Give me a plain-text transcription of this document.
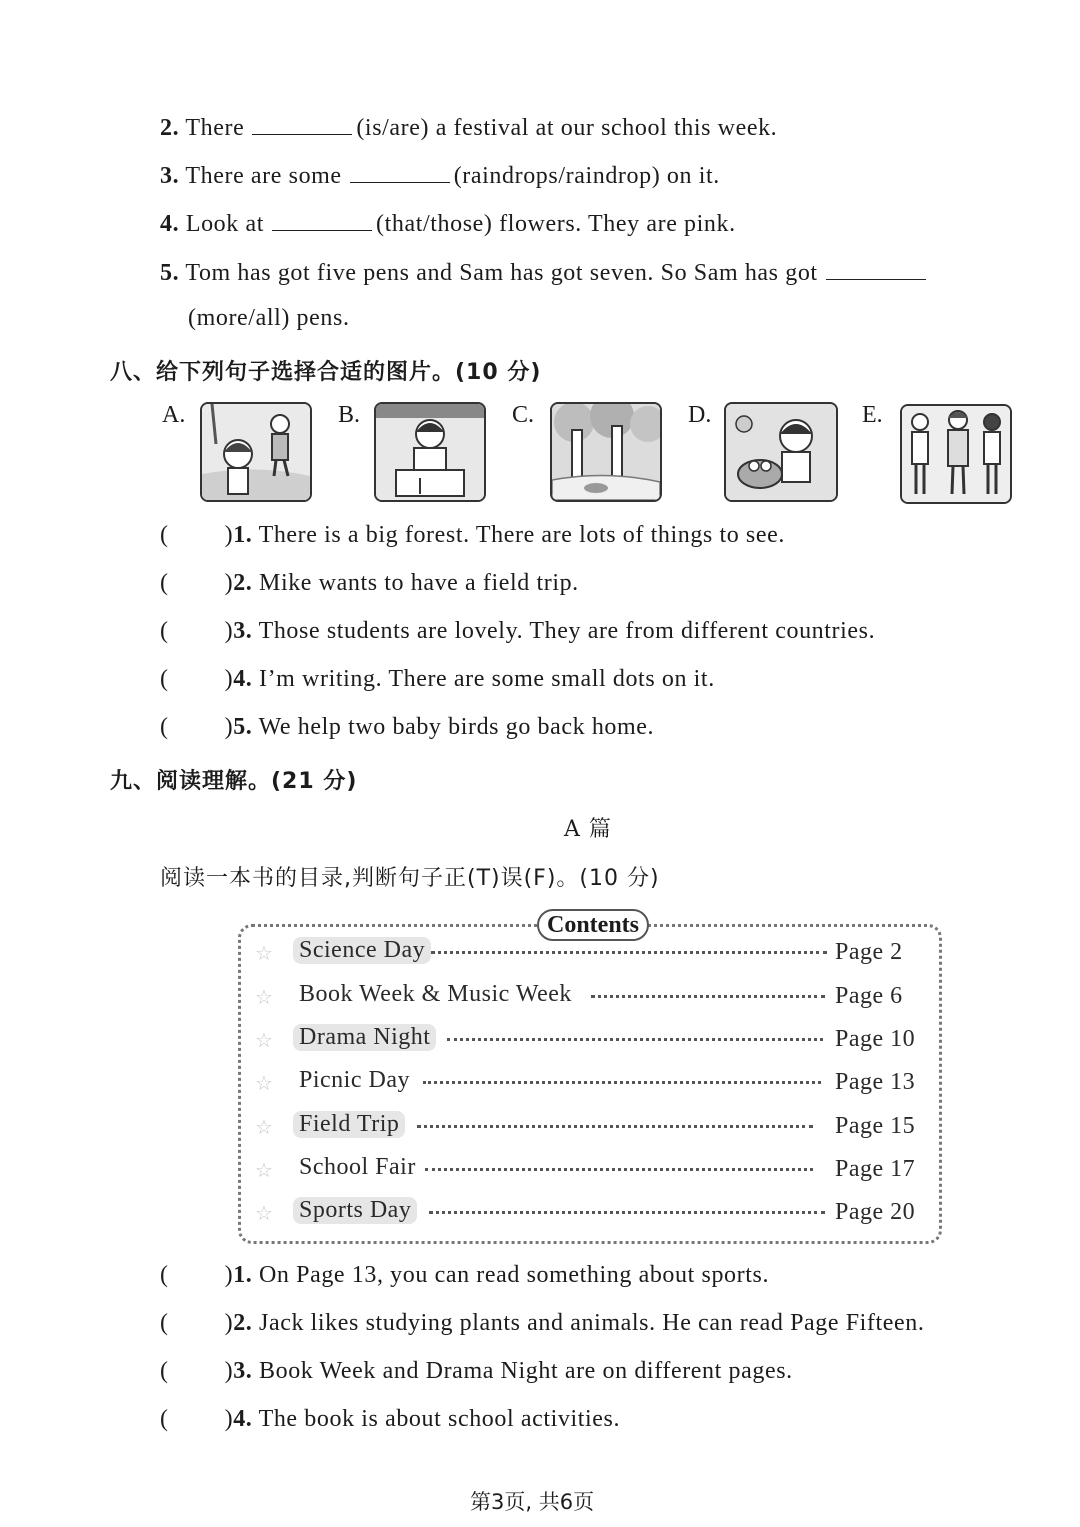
2. There	(is/are) a festival at our school this week.
3. There are some	(raindrops/raindrop) on it.
4. Look at	(that/those) flowers. They are pink.
5. Tom has got five pens and Sam has got seven. So Sam has got
(more/all) pens.
八、给下列句子选择合适的图片。(10 分)
A.	B.	C.	D.	E.
( )1. There is a big forest. There are lots of things to see.
( )2. Mike wants to have a field trip.
( )3. Those students are lovely. They are from different countries.
( )4. I’m writing. There are some small dots on it.
( )5. We help two baby birds go back home.
九、阅读理解。(21 分)
A 篇
阅读一本书的目录,判断句子正(T)误(F)。(10 分)
Contents
☆ Science Day	Page 2
☆ Book Week & Music Week	Page 6
☆ Drama Night	Page 10
☆ Picnic Day	Page 13
☆ Field Trip	Page 15
☆ School Fair	Page 17
☆ Sports Day	Page 20
( )1. On Page 13, you can read something about sports.
( )2. Jack likes studying plants and animals. He can read Page Fifteen.
( )3. Book Week and Drama Night are on different pages.
( )4. The book is about school activities.
第3页, 共6页
